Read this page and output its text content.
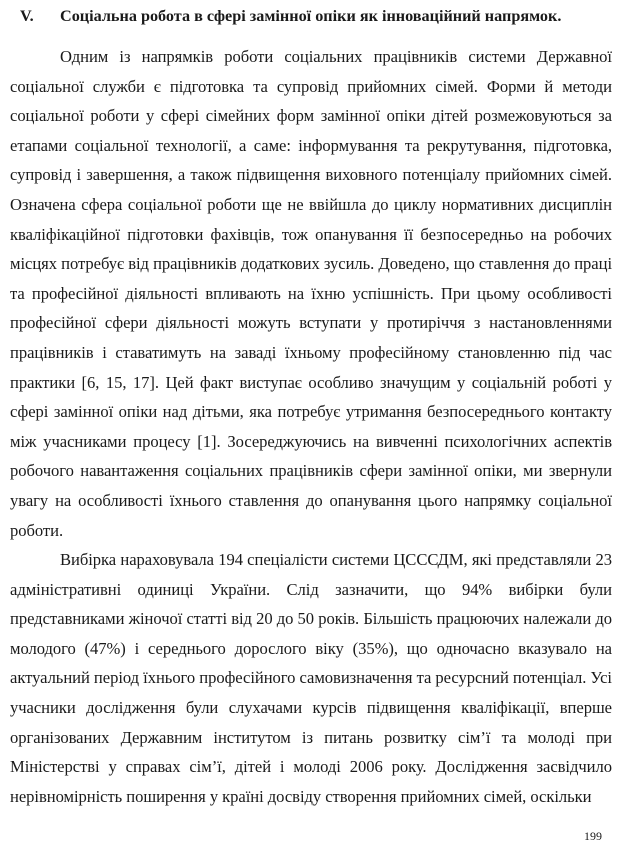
V.	Соціальна робота в сфері замінної опіки як інноваційний напрямок.

Одним із напрямків роботи соціальних працівників системи Державної соціальної служби є підготовка та супровід прийомних сімей. Форми й методи соціальної роботи у сфері сімейних форм замінної опіки дітей розмежовуються за етапами соціальної технології, а саме: інформування та рекрутування, підготовка, супровід і завершення, а також підвищення виховного потенціалу прийомних сімей. Означена сфера соціальної роботи ще не ввійшла до циклу нормативних дисциплін кваліфікаційної підготовки фахівців, тож опанування її безпосередньо на робочих місцях потребує від працівників додаткових зусиль. Доведено, що ставлення до праці та професійної діяльності впливають на їхню успішність. При цьому особливості професійної сфери діяльності можуть вступати у протиріччя з настановленнями працівників і ставатимуть на заваді їхньому професійному становленню під час практики [6, 15, 17]. Цей факт виступає особливо значущим у соціальній роботі у сфері замінної опіки над дітьми, яка потребує утримання безпосереднього контакту між учасниками процесу [1]. Зосереджуючись на вивченні психологічних аспектів робочого навантаження соціальних працівників сфери замінної опіки, ми звернули увагу на особливості їхнього ставлення до опанування цього напрямку соціальної роботи.

Вибірка нараховувала 194 спеціалісти системи ЦСССДМ, які представляли 23 адміністративні одиниці України. Слід зазначити, що 94% вибірки були представниками жіночої статті від 20 до 50 років. Більшість працюючих належали до молодого (47%) і середнього дорослого віку (35%), що одночасно вказувало на актуальний період їхнього професійного самовизначення та ресурсний потенціал. Усі учасники дослідження були слухачами курсів підвищення кваліфікації, вперше організованих Державним інститутом із питань розвитку сім’ї та молоді при Міністерстві у справах сім’ї, дітей і молоді 2006 року. Дослідження засвідчило нерівномірність поширення у країні досвіду створення прийомних сімей, оскільки

199
